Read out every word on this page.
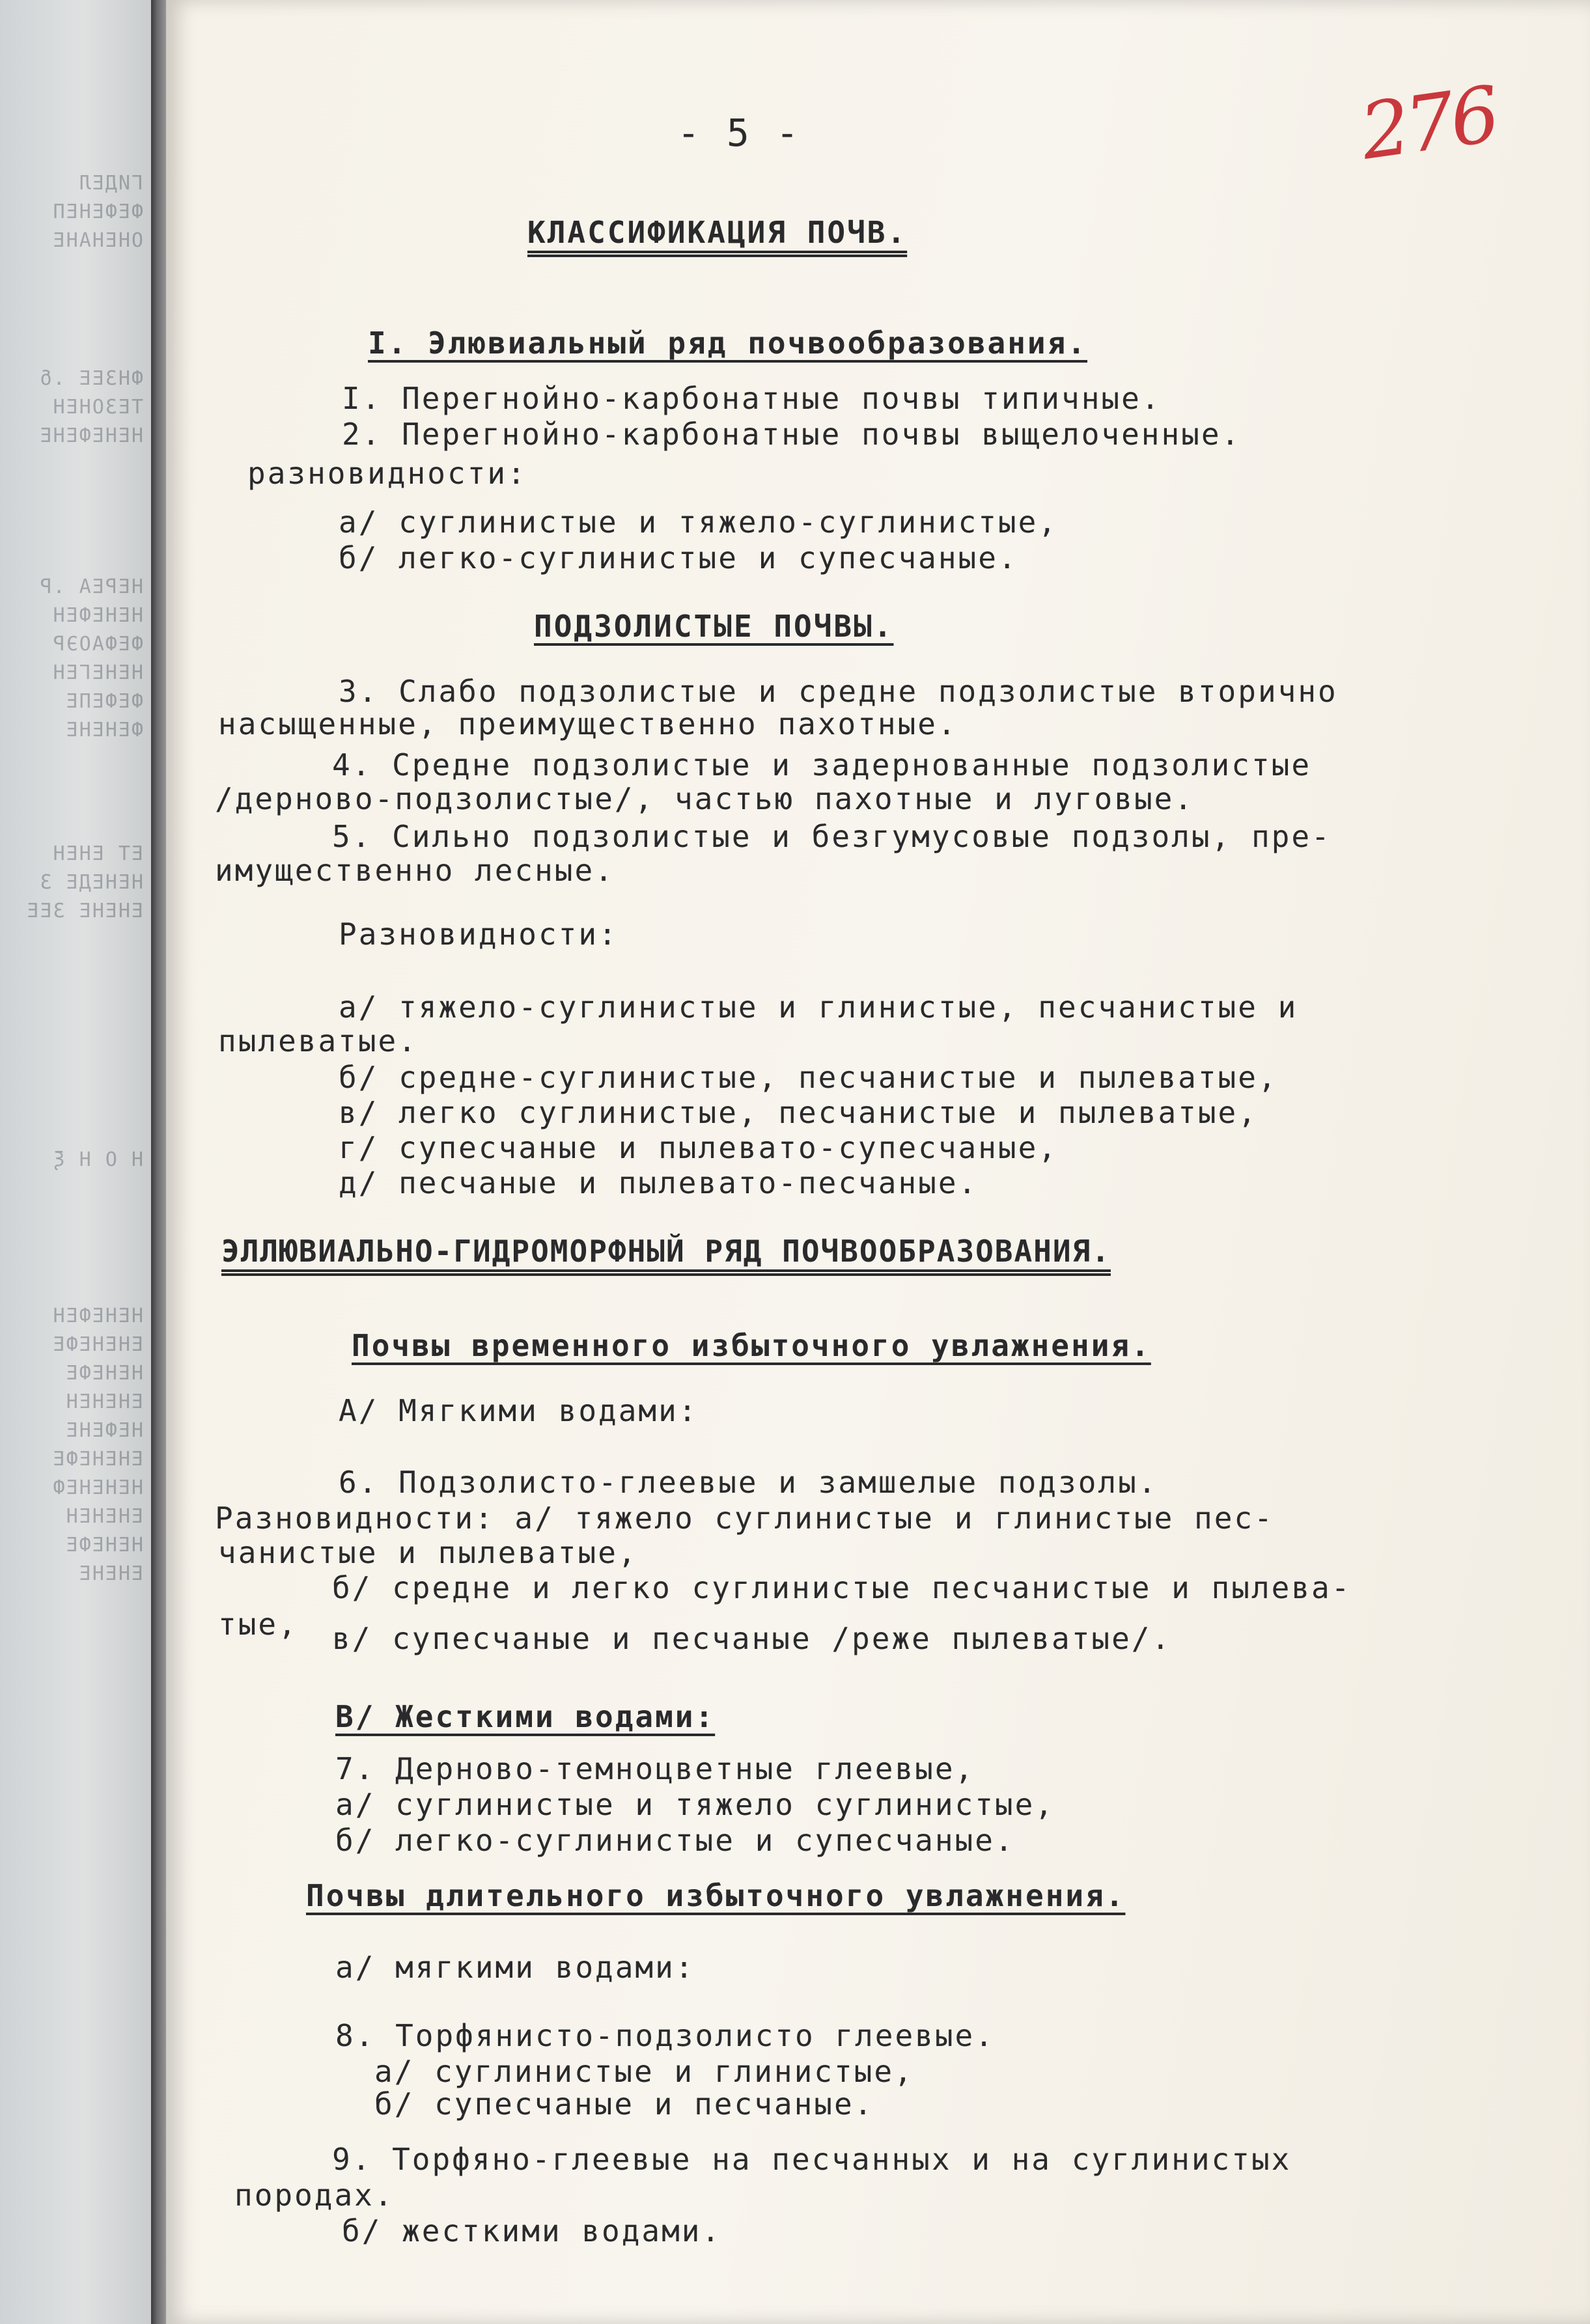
ГИДЕЛ
ФЕФЕНЕП
ОНЕНАНЕ
ФНЗЕЕ .δ
ТЕЗОНЕН
НЕНЕФЕНЕ
НЕРЕА .Р
НЕНЕФЕН
ФЕФАОЭР
НЕНЕГЕН
ФЕФЕПЕ
ФЕНЕНЕ
ЕТ ЕНЕН
НЕНЕДЕ З
ЕНЕНЕ ЗЕЕ
Н О Н ξ
НЕНЕФЕН
ЕНЕНЕФЕ
НЕНЕФЕ
ЕНЕНЕН
НЕФЕНЕ
ЕНЕНЕФЕ
НЕНЕНЕФ
ЕНЕНЕН
НЕНЕФЕ
ЕНЕНЕ
- 5 -	276
КЛАССИФИКАЦИЯ ПОЧВ.
I. Элювиальный ряд почвообразования.
I. Перегнойно-карбонатные почвы типичные.
2. Перегнойно-карбонатные почвы выщелоченные.
разновидности:
а/ суглинистые и тяжело-суглинистые,
б/ легко-суглинистые и супесчаные.
ПОДЗОЛИСТЫЕ ПОЧВЫ.
3. Слабо подзолистые и средне подзолистые вторично
насыщенные, преимущественно пахотные.
4. Средне подзолистые и задернованные подзолистые
/дерново-подзолистые/, частью пахотные и луговые.
5. Сильно подзолистые и безгумусовые подзолы, пре-
имущественно лесные.
Разновидности:
а/ тяжело-суглинистые и глинистые, песчанистые и
пылеватые.
б/ средне-суглинистые, песчанистые и пылеватые,
в/ легко суглинистые, песчанистые и пылеватые,
г/ супесчаные и пылевато-супесчаные,
д/ песчаные и пылевато-песчаные.
ЭЛЛЮВИАЛЬНО-ГИДРОМОРФНЫЙ РЯД ПОЧВООБРАЗОВАНИЯ.
Почвы временного избыточного увлажнения.
А/ Мягкими водами:
6. Подзолисто-глеевые и замшелые подзолы.
Разновидности: а/ тяжело суглинистые и глинистые пес-
чанистые и пылеватые,
б/ средне и легко суглинистые песчанистые и пылева-
тые, в/ супесчаные и песчаные /реже пылеватые/.
В/ Жесткими водами:
7. Дерново-темноцветные глеевые,
а/ суглинистые и тяжело суглинистые,
б/ легко-суглинистые и супесчаные.
Почвы длительного избыточного увлажнения.
а/ мягкими водами:
8. Торфянисто-подзолисто глеевые.
а/ суглинистые и глинистые,
б/ супесчаные и песчаные.
9. Торфяно-глеевые на песчанных и на суглинистых
породах.
б/ жесткими водами.
